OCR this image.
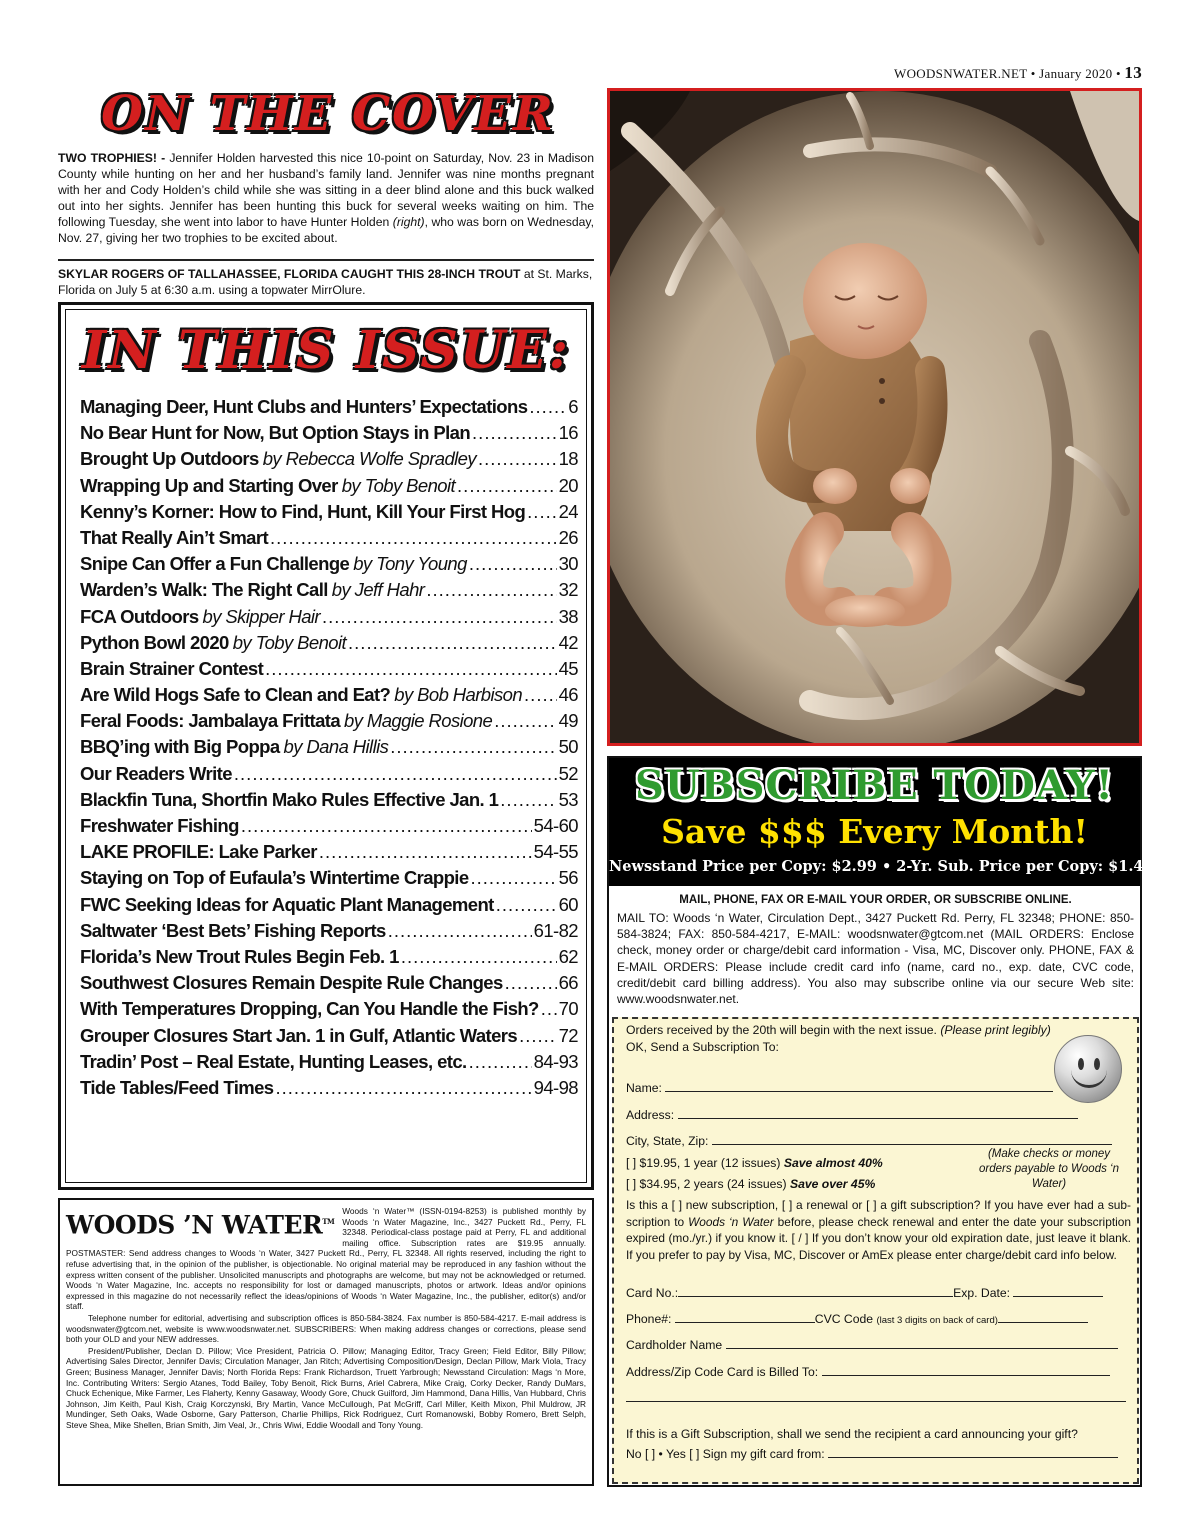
WOODSNWATER.NET • January 2020 • 13
ON THE COVER
TWO TROPHIES! - Jennifer Holden harvested this nice 10-point on Saturday, Nov. 23 in Madison County while hunting on her and her husband’s family land. Jennifer was nine months pregnant with her and Cody Holden’s child while she was sitting in a deer blind alone and this buck walked out into her sights. Jennifer has been hunting this buck for several weeks waiting on him. The following Tuesday, she went into labor to have Hunter Holden (right), who was born on Wednesday, Nov. 27, giving her two trophies to be excited about.
SKYLAR ROGERS OF TALLAHASSEE, FLORIDA CAUGHT THIS 28-INCH TROUT at St. Marks, Florida on July 5 at 6:30 a.m. using a topwater MirrOlure.
IN THIS ISSUE:
Managing Deer, Hunt Clubs and Hunters’ Expectations ..... 6
No Bear Hunt for Now, But Option Stays in Plan .....	16
Brought Up Outdoors by Rebecca Wolfe Spradley .....	18
Wrapping Up and Starting Over by Toby Benoit .....	20
Kenny’s Korner: How to Find, Hunt, Kill Your First Hog ..... 24
That Really Ain’t Smart .....	26
Snipe Can Offer a Fun Challenge by Tony Young .....	30
Warden’s Walk: The Right Call by Jeff Hahr .....	32
FCA Outdoors by Skipper Hair .....	38
Python Bowl 2020 by Toby Benoit .....	42
Brain Strainer Contest .....	45
Are Wild Hogs Safe to Clean and Eat? by Bob Harbison ..... 46
Feral Foods: Jambalaya Frittata by Maggie Rosione .....	49
BBQ’ing with Big Poppa by Dana Hillis .....	50
Our Readers Write .....	52
Blackfin Tuna, Shortfin Mako Rules Effective Jan. 1 .....	53
Freshwater Fishing .....	54-60
LAKE PROFILE: Lake Parker .....	54-55
Staying on Top of Eufaula’s Wintertime Crappie .....	56
FWC Seeking Ideas for Aquatic Plant Management .....	60
Saltwater ‘Best Bets’ Fishing Reports .....	61-82
Florida’s New Trout Rules Begin Feb. 1 .....	62
Southwest Closures Remain Despite Rule Changes .....	66
With Temperatures Dropping, Can You Handle the Fish? ..... 70
Grouper Closures Start Jan. 1 in Gulf, Atlantic Waters ..... 72
Tradin’ Post – Real Estate, Hunting Leases, etc. .....	84-93
Tide Tables/Feed Times .....	94-98
WOODS ’N WATER™

Woods ‘n Water™ (ISSN-0194-8253) is published monthly by Woods ‘n Water Magazine, Inc., 3427 Puckett Rd., Perry, FL 32348. Periodical-class postage paid at Perry, FL and additional mailing office. Subscription rates are $19.95 annually. POSTMASTER: Send address changes to Woods ‘n Water, 3427 Puckett Rd., Perry, FL 32348. All rights reserved, including the right to refuse advertising that, in the opinion of the publisher, is objectionable. No original material may be reproduced in any fashion without the express written consent of the publisher. Unsolicited manuscripts and photographs are welcome, but may not be acknowledged or returned. Woods ‘n Water Magazine, Inc. accepts no responsibility for lost or damaged manuscripts, photos or artwork. Ideas and/or opinions expressed in this magazine do not necessarily reflect the ideas/opinions of Woods ‘n Water Magazine, Inc., the publisher, editor(s) and/or staff.

Telephone number for editorial, advertising and subscription offices is 850-584-3824. Fax number is 850-584-4217. E-mail address is woodsnwater@gtcom.net, website is www.woodsnwater.net. SUBSCRIBERS: When making address changes or corrections, please send both your OLD and your NEW addresses.

President/Publisher, Declan D. Pillow; Vice President, Patricia O. Pillow; Managing Editor, Tracy Green; Field Editor, Billy Pillow; Advertising Sales Director, Jennifer Davis; Circulation Manager, Jan Ritch; Advertising Composition/Design, Declan Pillow, Mark Viola, Tracy Green; Business Manager, Jennifer Davis; North Florida Reps: Frank Richardson, Truett Yarbrough; Newsstand Circulation: Mags ‘n More, Inc. Contributing Writers: Sergio Atanes, Todd Bailey, Toby Benoit, Rick Burns, Ariel Cabrera, Mike Craig, Corky Decker, Randy DuMars, Chuck Echenique, Mike Farmer, Les Flaherty, Kenny Gasaway, Woody Gore, Chuck Guilford, Jim Hammond, Dana Hillis, Van Hubbard, Chris Johnson, Jim Keith, Paul Kish, Craig Korczynski, Bry Martin, Vance McCullough, Pat McGriff, Carl Miller, Keith Mixon, Phil Muldrow, JR Mundinger, Seth Oaks, Wade Osborne, Gary Patterson, Charlie Phillips, Rick Rodriguez, Curt Romanowski, Bobby Romero, Brett Selph, Steve Shea, Mike Shellen, Brian Smith, Jim Veal, Jr., Chris Wiwi, Eddie Woodall and Tony Young.

SUBSCRIBE TODAY!
Save $$$ Every Month!
Newsstand Price per Copy: $2.99 • 2-Yr. Sub. Price per Copy: $1.46
MAIL, PHONE, FAX OR E-MAIL YOUR ORDER, OR SUBSCRIBE ONLINE.
MAIL TO: Woods ‘n Water, Circulation Dept., 3427 Puckett Rd. Perry, FL 32348; PHONE: 850-584-3824; FAX: 850-584-4217, E-MAIL: woodsnwater@gtcom.net (MAIL ORDERS: Enclose check, money order or charge/debit card information - Visa, MC, Discover only. PHONE, FAX & E-MAIL ORDERS: Please include credit card info (name, card no., exp. date, CVC code, credit/debit card billing address). You also may subscribe online via our secure Web site: www.woodsnwater.net.
Orders received by the 20th will begin with the next issue. (Please print legibly)
OK, Send a Subscription To:
Name:
Address:
City, State, Zip:
[ ] $19.95, 1 year (12 issues) Save almost 40%
[ ] $34.95, 2 years (24 issues) Save over 45%
(Make checks or money orders payable to Woods ‘n Water)
Is this a [ ] new subscription, [ ] a renewal or [ ] a gift subscription? If you have ever had a sub- scription to Woods ‘n Water before, please check renewal and enter the date your subscription expired (mo./yr.) if you know it. [ / ] If you don’t know your old expiration date, just leave it blank. If you prefer to pay by Visa, MC, Discover or AmEx please enter charge/debit card info below.
Card No.:	Exp. Date:
Phone#:	CVC Code (last 3 digits on back of card)
Cardholder Name
Address/Zip Code Card is Billed To:
If this is a Gift Subscription, shall we send the recipient a card announcing your gift?
No [ ] • Yes [ ] Sign my gift card from:
